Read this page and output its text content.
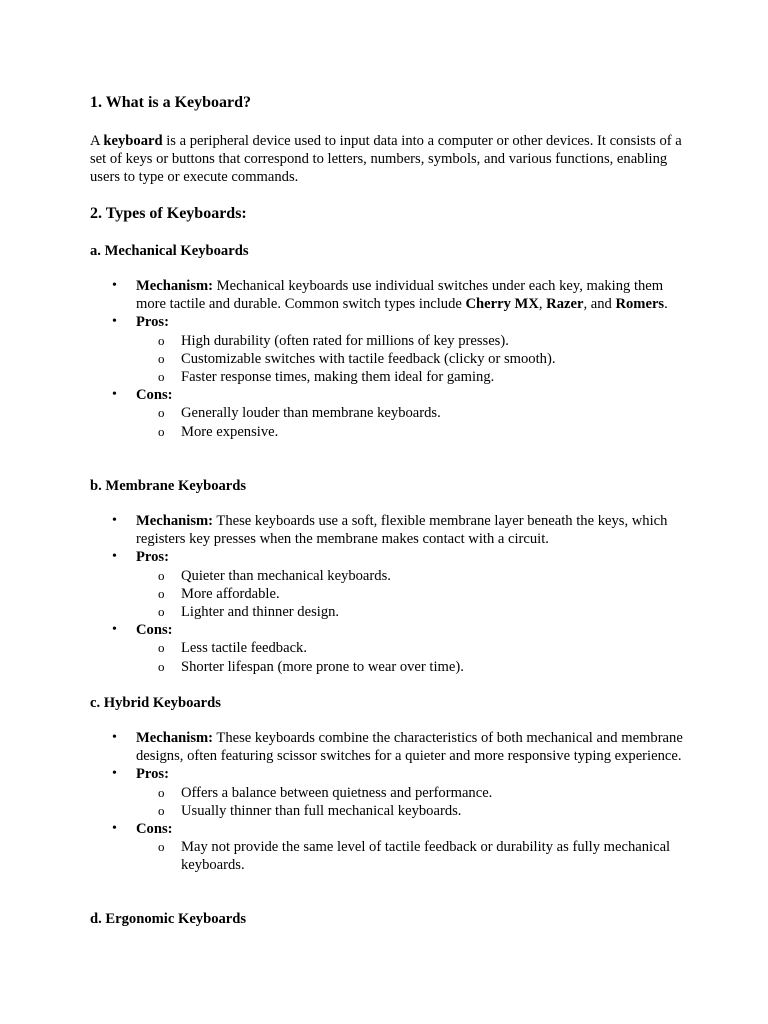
1. What is a Keyboard?

A keyboard is a peripheral device used to input data into a computer or other devices. It consists of a set of keys or buttons that correspond to letters, numbers, symbols, and various functions, enabling users to type or execute commands.

2. Types of Keyboards:
a. Mechanical Keyboards
• Mechanism: Mechanical keyboards use individual switches under each key, making them more tactile and durable. Common switch types include Cherry MX, Razer, and Romers.
• Pros:
o High durability (often rated for millions of key presses).
o Customizable switches with tactile feedback (clicky or smooth).
o Faster response times, making them ideal for gaming.
• Cons:
o Generally louder than membrane keyboards.
o More expensive.
b. Membrane Keyboards
• Mechanism: These keyboards use a soft, flexible membrane layer beneath the keys, which registers key presses when the membrane makes contact with a circuit.
• Pros:
o Quieter than mechanical keyboards.
o More affordable.
o Lighter and thinner design.
• Cons:
o Less tactile feedback.
o Shorter lifespan (more prone to wear over time).
c. Hybrid Keyboards
• Mechanism: These keyboards combine the characteristics of both mechanical and membrane designs, often featuring scissor switches for a quieter and more responsive typing experience.
• Pros:
o Offers a balance between quietness and performance.
o Usually thinner than full mechanical keyboards.
• Cons:
o May not provide the same level of tactile feedback or durability as fully mechanical keyboards.
d. Ergonomic Keyboards
